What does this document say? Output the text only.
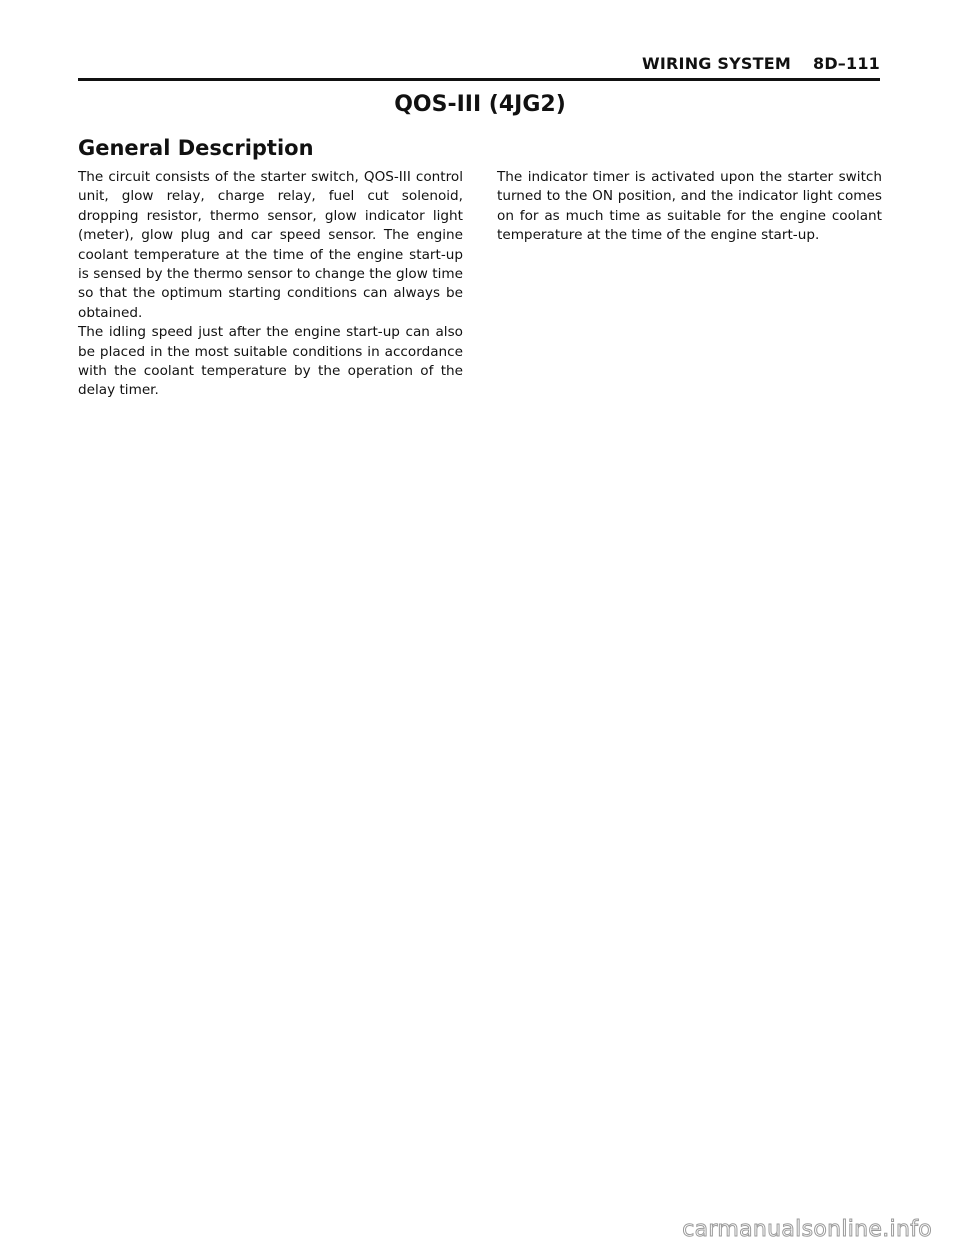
WIRING SYSTEM 8D–111
QOS-III (4JG2)
General Description

The circuit consists of the starter switch, QOS-III control unit, glow relay, charge relay, fuel cut solenoid, dropping resistor, thermo sensor, glow indicator light (meter), glow plug and car speed sensor. The engine coolant temperature at the time of the engine start-up is sensed by the thermo sensor to change the glow time so that the optimum starting conditions can always be obtained.

The idling speed just after the engine start-up can also be placed in the most suitable conditions in accordance with the coolant temperature by the operation of the delay timer.

The indicator timer is activated upon the starter switch turned to the ON position, and the indicator light comes on for as much time as suitable for the engine coolant temperature at the time of the engine start-up.

carmanualsonline.info
